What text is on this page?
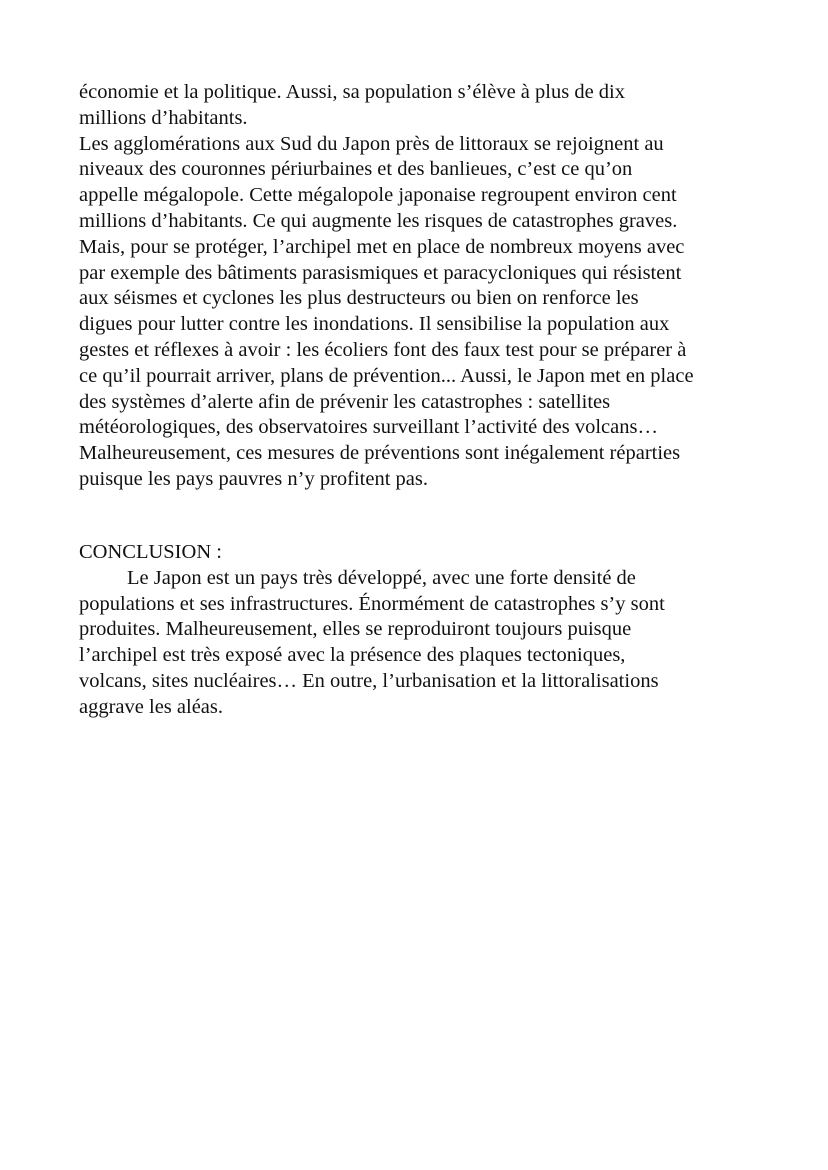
économie et la politique. Aussi, sa population s’élève à plus de dix
millions d’habitants.
Les agglomérations aux Sud du Japon près de littoraux se rejoignent au
niveaux des couronnes périurbaines et des banlieues, c’est ce qu’on
appelle mégalopole. Cette mégalopole japonaise regroupent environ cent
millions d’habitants. Ce qui augmente les risques de catastrophes graves.
Mais, pour se protéger, l’archipel met en place de nombreux moyens avec
par exemple des bâtiments parasismiques et paracycloniques qui résistent
aux séismes et cyclones les plus destructeurs ou bien on renforce les
digues pour lutter contre les inondations. Il sensibilise la population aux
gestes et réflexes à avoir : les écoliers font des faux test pour se préparer à
ce qu’il pourrait arriver, plans de prévention... Aussi, le Japon met en place
des systèmes d’alerte afin de prévenir les catastrophes : satellites
météorologiques, des observatoires surveillant l’activité des volcans…
Malheureusement, ces mesures de préventions sont inégalement réparties
puisque les pays pauvres n’y profitent pas.
CONCLUSION :
Le Japon est un pays très développé, avec une forte densité de
populations et ses infrastructures. Énormément de catastrophes s’y sont
produites. Malheureusement, elles se reproduiront toujours puisque
l’archipel est très exposé avec la présence des plaques tectoniques,
volcans, sites nucléaires… En outre, l’urbanisation et la littoralisations
aggrave les aléas.
